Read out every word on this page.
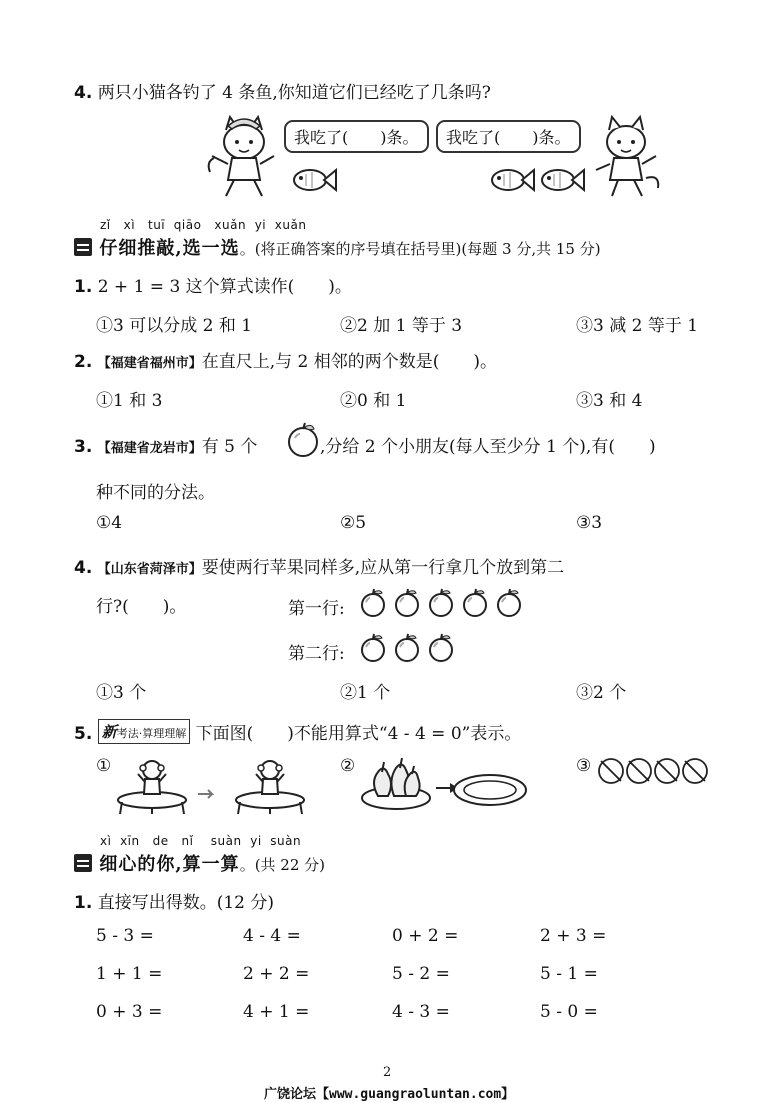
4. 两只小猫各钓了 4 条鱼,你知道它们已经吃了几条吗?
我吃了(　　)条。	我吃了(　　)条。
zǐ xì tuī qiāo xuǎn yi xuǎn
仔细推敲,选一选。(将正确答案的序号填在括号里)(每题 3 分,共 15 分)
1. 2 + 1 = 3 这个算式读作(　　)。
①3 可以分成 2 和 1	②2 加 1 等于 3	③3 减 2 等于 1
2. 【福建省福州市】在直尺上,与 2 相邻的两个数是(　　)。
①1 和 3	②0 和 1	③3 和 4
3. 【福建省龙岩市】有 5 个	,分给 2 个小朋友(每人至少分 1 个),有(　　)
种不同的分法。
①4	②5	③3
4. 【山东省菏泽市】要使两行苹果同样多,应从第一行拿几个放到第二
行?(　　)。	第一行:
第二行:
①3 个	②1 个	③2 个
5. 新考法·算理理解 下面图(　　)不能用算式“4 - 4 = 0”表示。
①	②	③
xì xīn de nǐ suàn yi suàn
细心的你,算一算。(共 22 分)
1. 直接写出得数。(12 分)
5 - 3 =	4 - 4 =	0 + 2 =	2 + 3 =
1 + 1 =	2 + 2 =	5 - 2 =	5 - 1 =
0 + 3 =	4 + 1 =	4 - 3 =	5 - 0 =
2
广饶论坛【www.guangraoluntan.com】
